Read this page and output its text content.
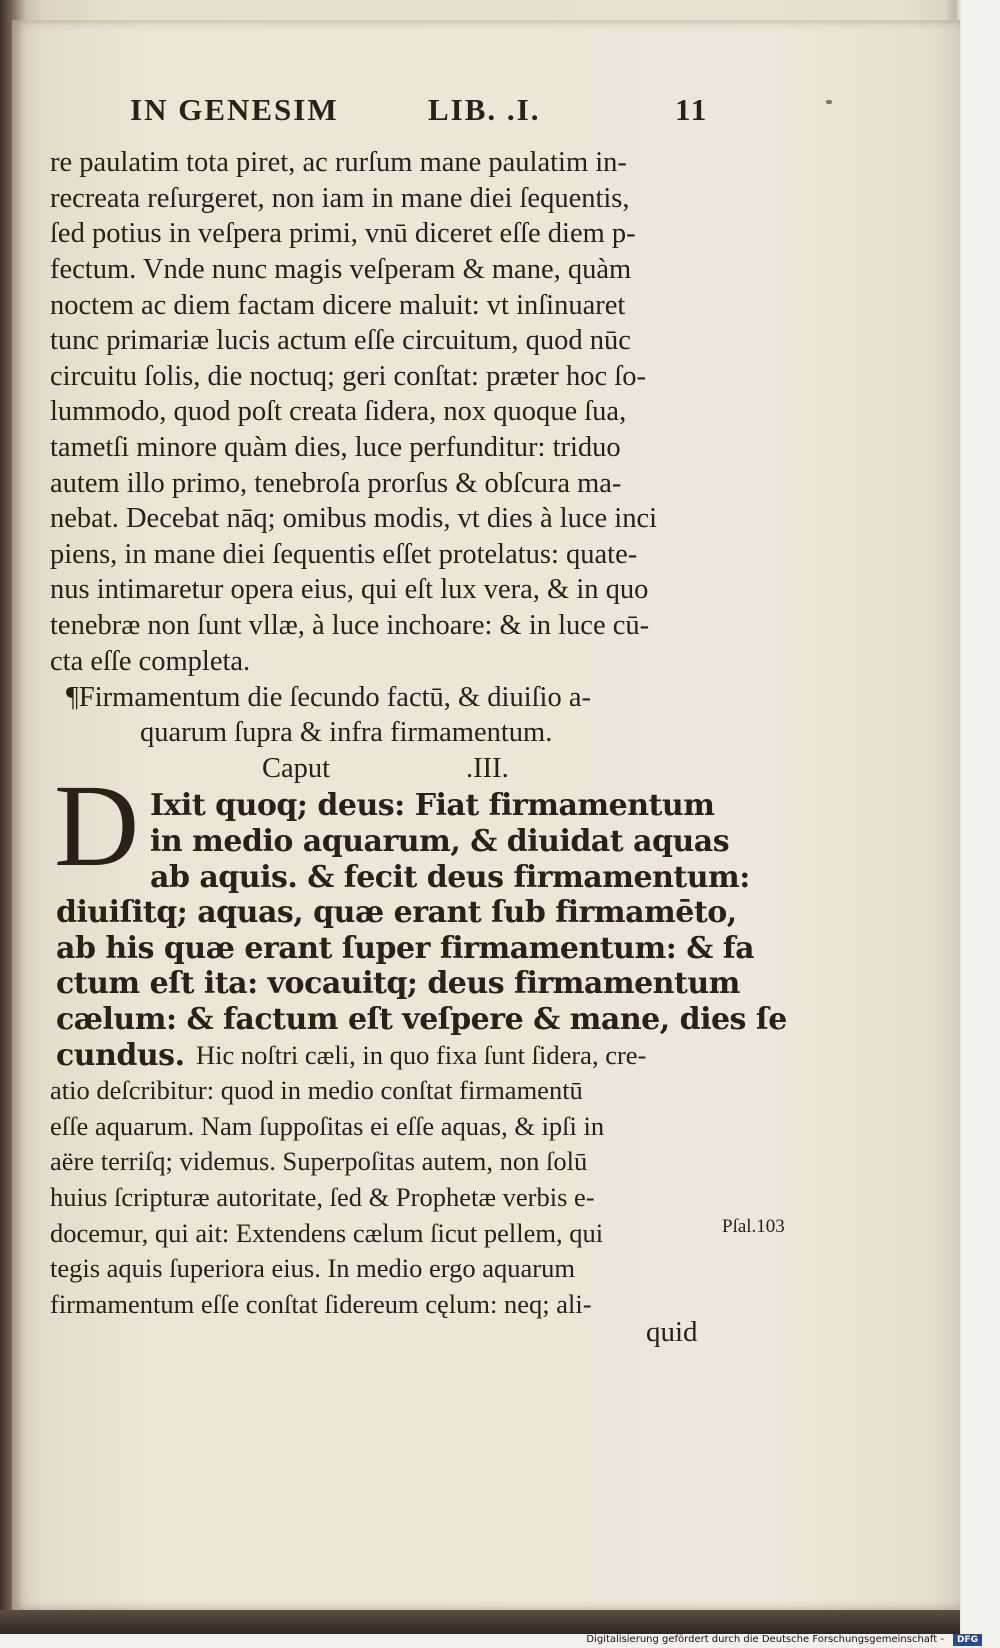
IN GENESIM	LIB. .I.	11
re paulatim tota piret, ac rurſum mane paulatim in-
recreata reſurgeret, non iam in mane diei ſequentis,
ſed potius in veſpera primi, vnū diceret eſſe diem p-
fectum. Vnde nunc magis veſperam & mane, quàm
noctem ac diem factam dicere maluit: vt inſinuaret
tunc primariæ lucis actum eſſe circuitum, quod nūc
circuitu ſolis, die noctuq; geri conſtat: præter hoc ſo-
lummodo, quod poſt creata ſidera, nox quoque ſua,
tametſi minore quàm dies, luce perfunditur: triduo
autem illo primo, tenebroſa prorſus & obſcura ma-
nebat. Decebat nāq; omibus modis, vt dies à luce inci
piens, in mane diei ſequentis eſſet protelatus: quate-
nus intimaretur opera eius, qui eſt lux vera, & in quo
tenebræ non ſunt vllæ, à luce inchoare: & in luce cū-
cta eſſe completa.
¶Firmamentum die ſecundo factū, & diuiſio a-
quarum ſupra & infra firmamentum.
Caput	.III.
D Ixit quoq; deus: Fiat firmamentum
in medio aquarum, & diuidat aquas
ab aquis. & fecit deus firmamentum:
diuiſitq; aquas, quæ erant ſub firmamēto,
ab his quæ erant ſuper firmamentum: & fa
ctum eſt ita: vocauitq; deus firmamentum
cælum: & factum eſt veſpere & mane, dies ſe
cundus. Hic noſtri cæli, in quo fixa ſunt ſidera, cre-
atio deſcribitur: quod in medio conſtat firmamentū
eſſe aquarum. Nam ſuppoſitas ei eſſe aquas, & ipſi in
aëre terriſq; videmus. Superpoſitas autem, non ſolū
huius ſcripturæ autoritate, ſed & Prophetæ verbis e-
docemur, qui ait: Extendens cælum ſicut pellem, qui
tegis aquis ſuperiora eius. In medio ergo aquarum
firmamentum eſſe conſtat ſidereum cęlum: neq; ali-
Pſal.103
quid
Digitalisierung gefördert durch die Deutsche Forschungsgemeinschaft -	DFG
